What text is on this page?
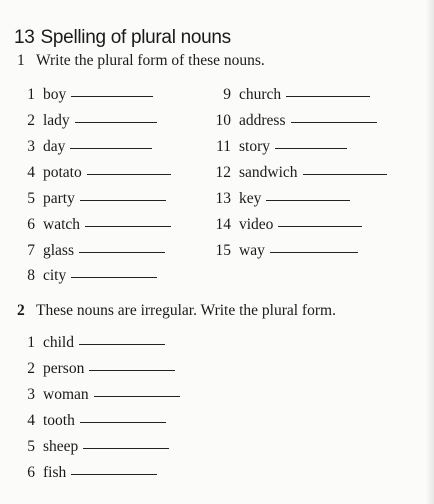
13 Spelling of plural nouns
1 Write the plural form of these nouns.
1 boy
2 lady
3 day
4 potato
5 party
6 watch
7 glass
8 city
9 church
10 address
11 story
12 sandwich
13 key
14 video
15 way
2 These nouns are irregular. Write the plural form.
1 child
2 person
3 woman
4 tooth
5 sheep
6 fish
